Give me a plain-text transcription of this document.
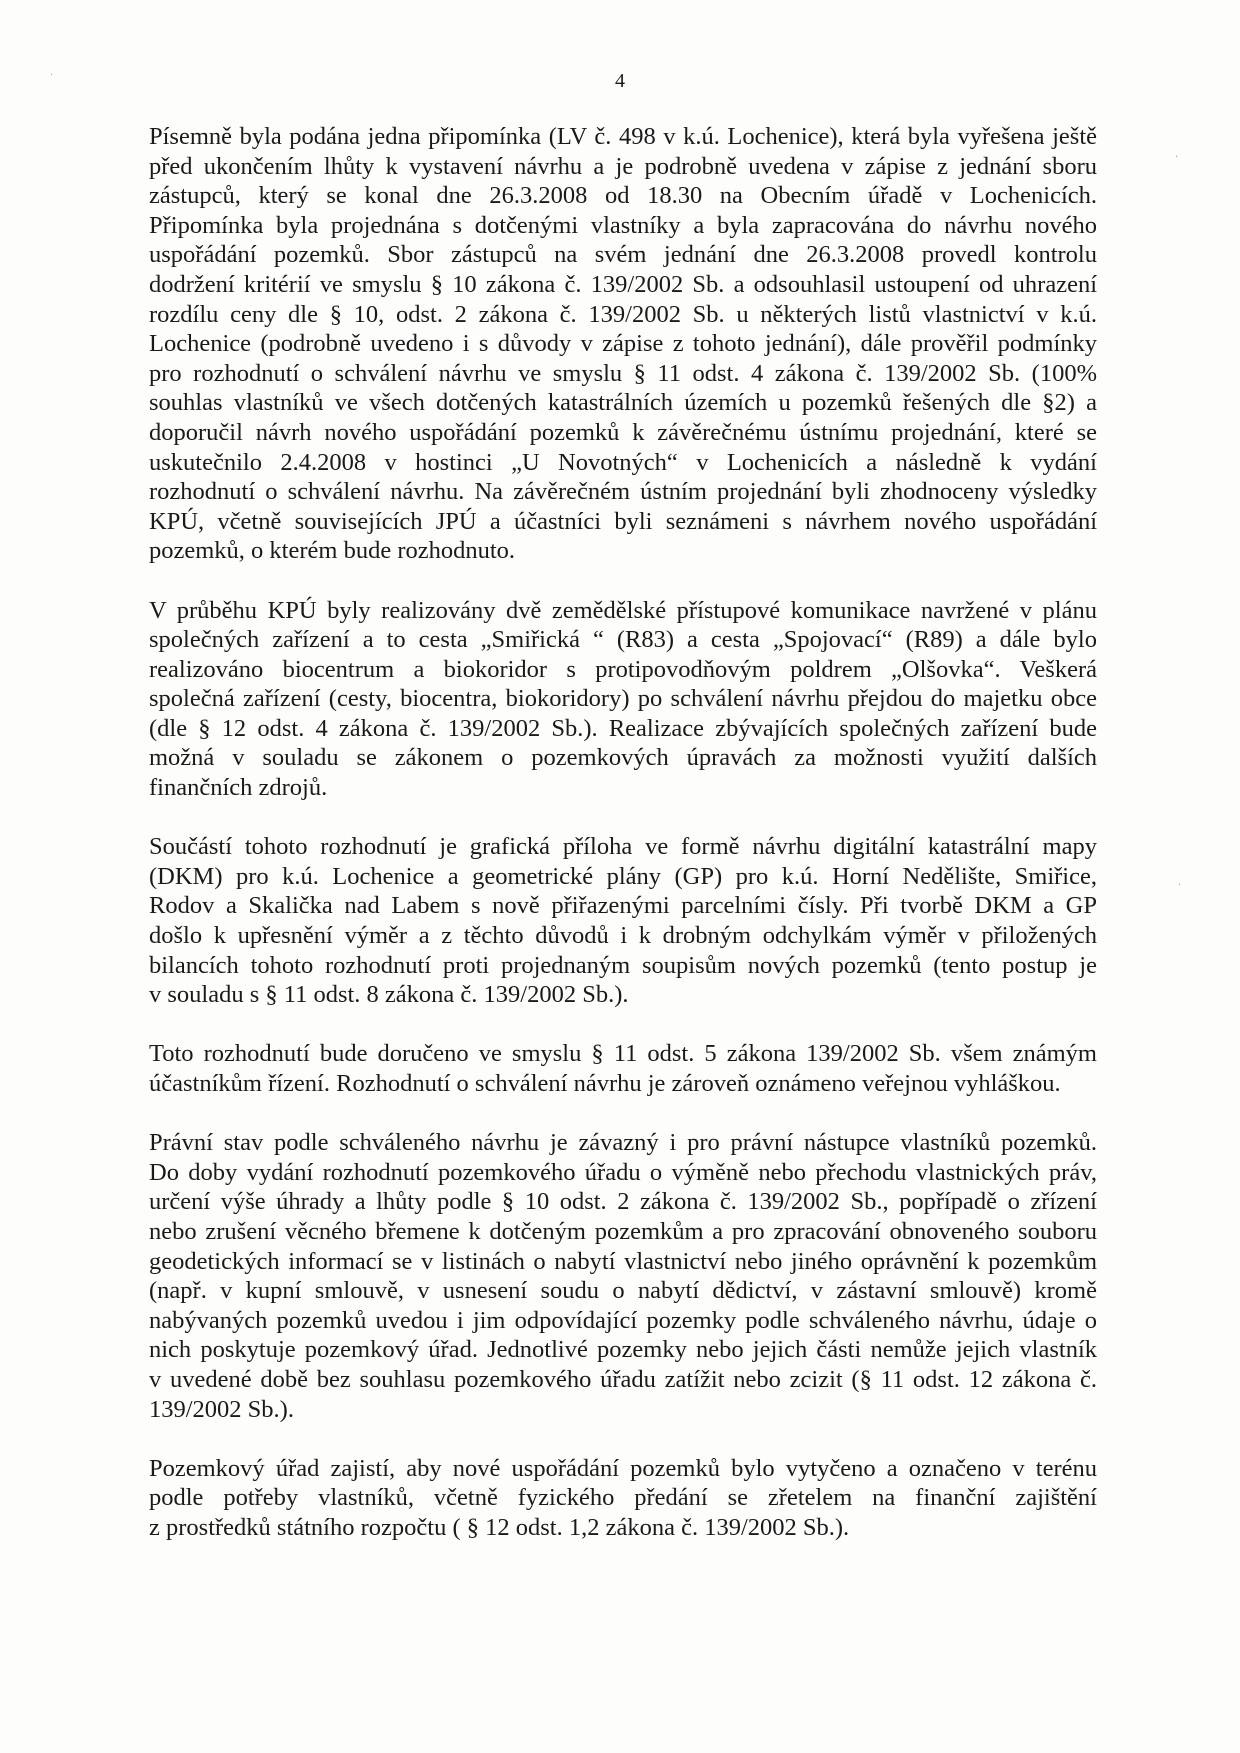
4
Písemně byla podána jedna připomínka (LV č. 498 v k.ú. Lochenice), která byla vyřešena ještě
před ukončením lhůty k vystavení návrhu a je podrobně uvedena v zápise z jednání sboru
zástupců, který se konal dne 26.3.2008 od 18.30 na Obecním úřadě v Lochenicích.
Připomínka byla projednána s dotčenými vlastníky a byla zapracována do návrhu nového
uspořádání pozemků. Sbor zástupců na svém jednání dne 26.3.2008 provedl kontrolu
dodržení kritérií ve smyslu § 10 zákona č. 139/2002 Sb. a odsouhlasil ustoupení od uhrazení
rozdílu ceny dle § 10, odst. 2 zákona č. 139/2002 Sb. u některých listů vlastnictví v k.ú.
Lochenice (podrobně uvedeno i s důvody v zápise z tohoto jednání), dále prověřil podmínky
pro rozhodnutí o schválení návrhu ve smyslu § 11 odst. 4 zákona č. 139/2002 Sb. (100%
souhlas vlastníků ve všech dotčených katastrálních územích u pozemků řešených dle §2) a
doporučil návrh nového uspořádání pozemků k závěrečnému ústnímu projednání, které se
uskutečnilo 2.4.2008 v hostinci „U Novotných“ v Lochenicích a následně k vydání
rozhodnutí o schválení návrhu. Na závěrečném ústním projednání byli zhodnoceny výsledky
KPÚ, včetně souvisejících JPÚ a účastníci byli seznámeni s návrhem nového uspořádání
pozemků, o kterém bude rozhodnuto.
V průběhu KPÚ byly realizovány dvě zemědělské přístupové komunikace navržené v plánu
společných zařízení a to cesta „Smiřická “ (R83) a cesta „Spojovací“ (R89) a dále bylo
realizováno biocentrum a biokoridor s protipovodňovým poldrem „Olšovka“. Veškerá
společná zařízení (cesty, biocentra, biokoridory) po schválení návrhu přejdou do majetku obce
(dle § 12 odst. 4 zákona č. 139/2002 Sb.). Realizace zbývajících společných zařízení bude
možná v souladu se zákonem o pozemkových úpravách za možnosti využití dalších
finančních zdrojů.
Součástí tohoto rozhodnutí je grafická příloha ve formě návrhu digitální katastrální mapy
(DKM) pro k.ú. Lochenice a geometrické plány (GP) pro k.ú. Horní Nedělište, Smiřice,
Rodov a Skalička nad Labem s nově přiřazenými parcelními čísly. Při tvorbě DKM a GP
došlo k upřesnění výměr a z těchto důvodů i k drobným odchylkám výměr v přiložených
bilancích tohoto rozhodnutí proti projednaným soupisům nových pozemků (tento postup je
v souladu s § 11 odst. 8 zákona č. 139/2002 Sb.).
Toto rozhodnutí bude doručeno ve smyslu § 11 odst. 5 zákona 139/2002 Sb. všem známým
účastníkům řízení. Rozhodnutí o schválení návrhu je zároveň oznámeno veřejnou vyhláškou.
Právní stav podle schváleného návrhu je závazný i pro právní nástupce vlastníků pozemků.
Do doby vydání rozhodnutí pozemkového úřadu o výměně nebo přechodu vlastnických práv,
určení výše úhrady a lhůty podle § 10 odst. 2 zákona č. 139/2002 Sb., popřípadě o zřízení
nebo zrušení věcného břemene k dotčeným pozemkům a pro zpracování obnoveného souboru
geodetických informací se v listinách o nabytí vlastnictví nebo jiného oprávnění k pozemkům
(např. v kupní smlouvě, v usnesení soudu o nabytí dědictví, v zástavní smlouvě) kromě
nabývaných pozemků uvedou i jim odpovídající pozemky podle schváleného návrhu, údaje o
nich poskytuje pozemkový úřad. Jednotlivé pozemky nebo jejich části nemůže jejich vlastník
v uvedené době bez souhlasu pozemkového úřadu zatížit nebo zcizit (§ 11 odst. 12 zákona č.
139/2002 Sb.).
Pozemkový úřad zajistí, aby nové uspořádání pozemků bylo vytyčeno a označeno v terénu
podle potřeby vlastníků, včetně fyzického předání se zřetelem na finanční zajištění
z prostředků státního rozpočtu ( § 12 odst. 1,2 zákona č. 139/2002 Sb.).
·
·
·
